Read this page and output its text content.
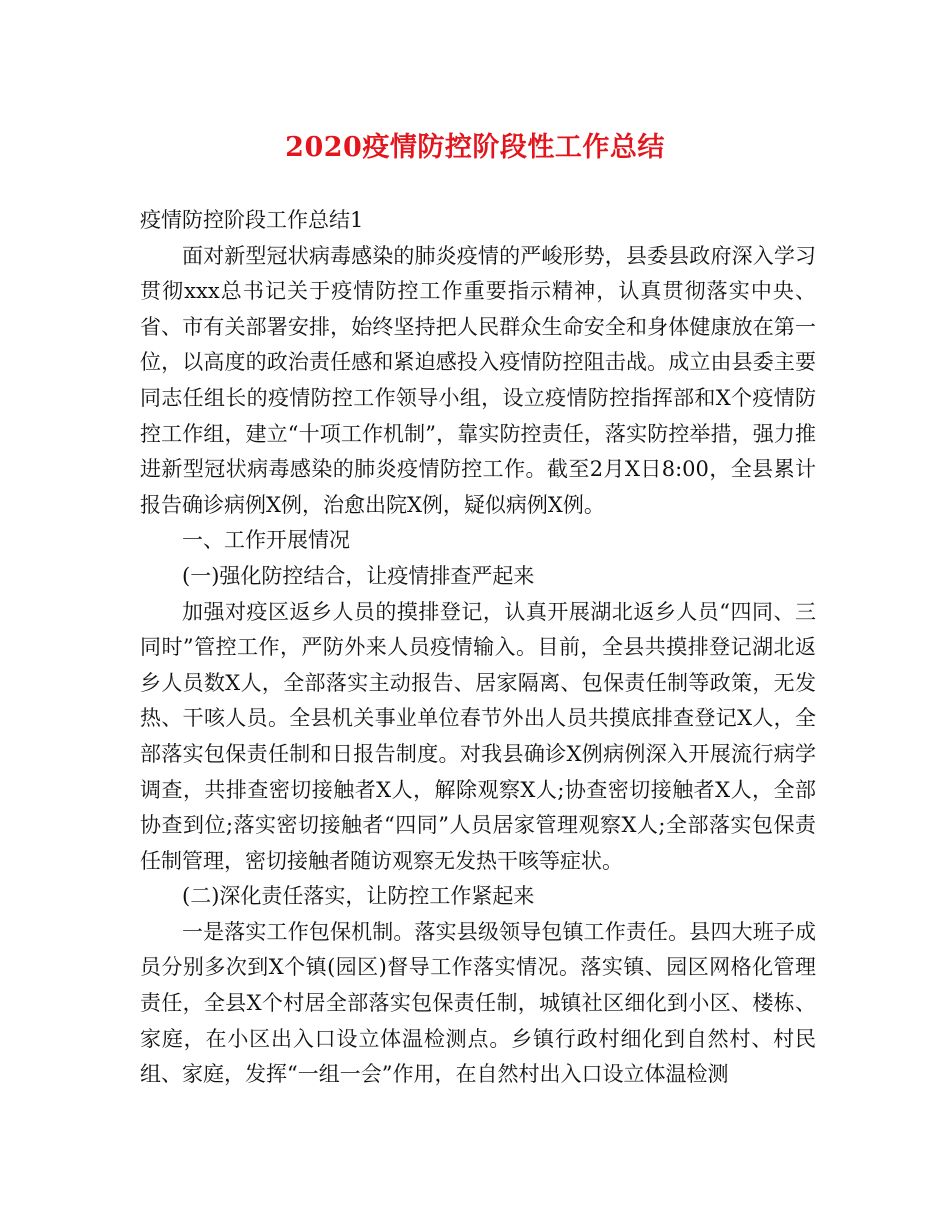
2020疫情防控阶段性工作总结

疫情防控阶段工作总结1

面对新型冠状病毒感染的肺炎疫情的严峻形势，县委县政府深入学习贯彻xxx总书记关于疫情防控工作重要指示精神，认真贯彻落实中央、省、市有关部署安排，始终坚持把人民群众生命安全和身体健康放在第一位，以高度的政治责任感和紧迫感投入疫情防控阻击战。成立由县委主要同志任组长的疫情防控工作领导小组，设立疫情防控指挥部和X个疫情防控工作组，建立“十项工作机制”，靠实防控责任，落实防控举措，强力推进新型冠状病毒感染的肺炎疫情防控工作。截至2月X日8:00，全县累计报告确诊病例X例，治愈出院X例，疑似病例X例。

一、工作开展情况

(一)强化防控结合，让疫情排查严起来

加强对疫区返乡人员的摸排登记，认真开展湖北返乡人员“四同、三同时”管控工作，严防外来人员疫情输入。目前，全县共摸排登记湖北返乡人员数X人，全部落实主动报告、居家隔离、包保责任制等政策，无发热、干咳人员。全县机关事业单位春节外出人员共摸底排查登记X人，全部落实包保责任制和日报告制度。对我县确诊X例病例深入开展流行病学调查，共排查密切接触者X人，解除观察X人;协查密切接触者X人，全部协查到位;落实密切接触者“四同”人员居家管理观察X人;全部落实包保责任制管理，密切接触者随访观察无发热干咳等症状。

(二)深化责任落实，让防控工作紧起来

一是落实工作包保机制。落实县级领导包镇工作责任。县四大班子成员分别多次到X个镇(园区)督导工作落实情况。落实镇、园区网格化管理责任，全县X个村居全部落实包保责任制，城镇社区细化到小区、楼栋、家庭，在小区出入口设立体温检测点。乡镇行政村细化到自然村、村民组、家庭，发挥“一组一会”作用，在自然村出入口设立体温检测
